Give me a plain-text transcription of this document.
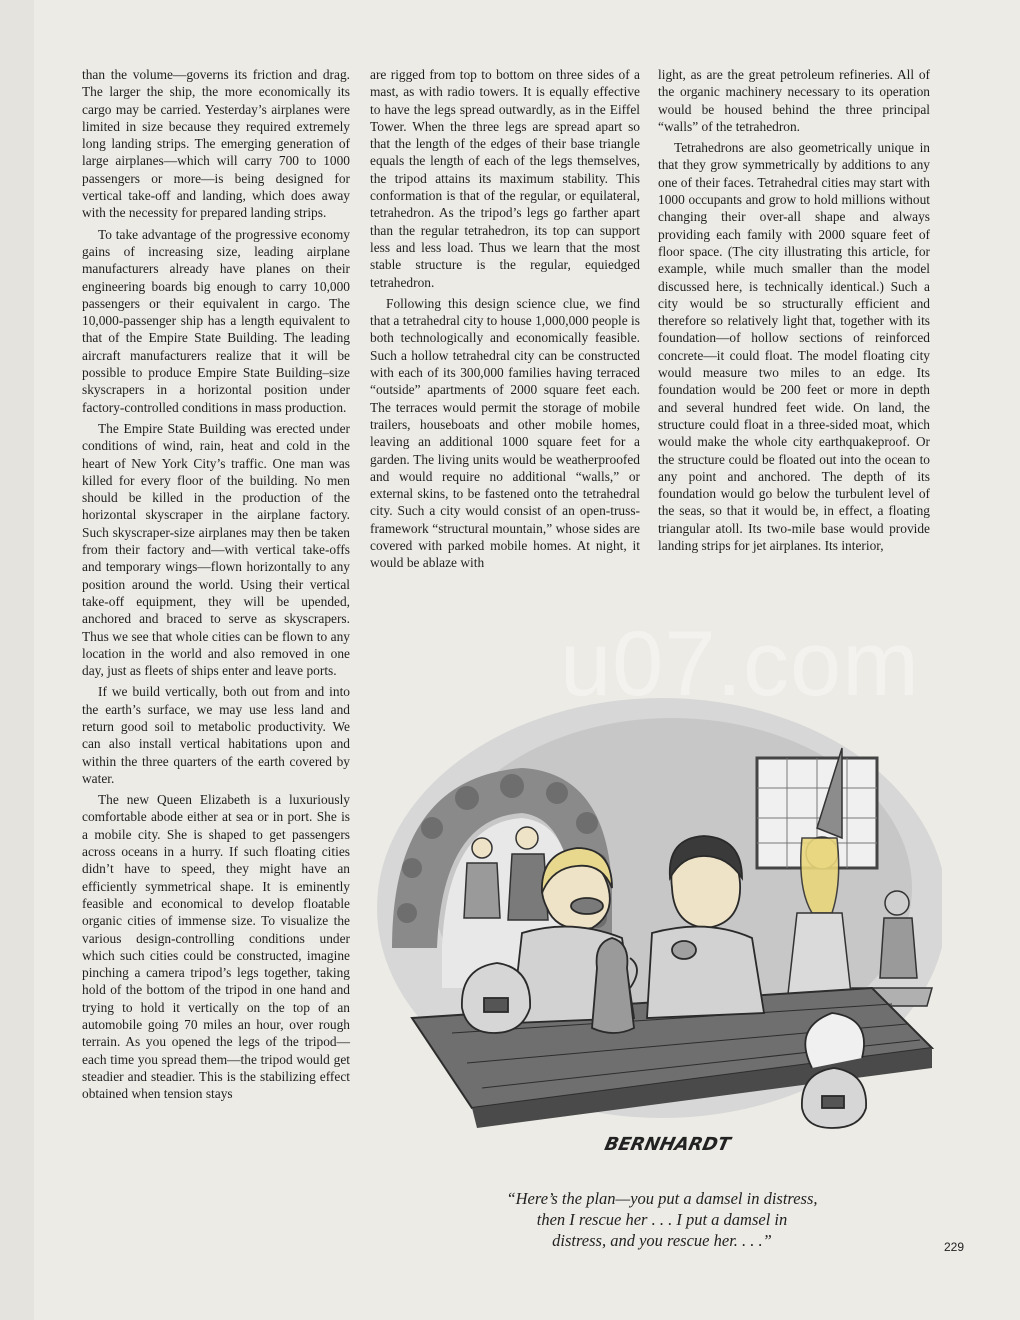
than the volume—governs its friction and drag. The larger the ship, the more economically its cargo may be carried. Yesterday’s airplanes were limited in size because they required extremely long landing strips. The emerging generation of large airplanes—which will carry 700 to 1000 passengers or more—is being designed for vertical take-off and landing, which does away with the necessity for prepared landing strips.

To take advantage of the progressive economy gains of increasing size, leading airplane manufacturers already have planes on their engineering boards big enough to carry 10,000 passengers or their equivalent in cargo. The 10,000-passenger ship has a length equivalent to that of the Empire State Building. The leading aircraft manufacturers realize that it will be possible to produce Empire State Building–size skyscrapers in a horizontal position under factory-controlled conditions in mass production.

The Empire State Building was erected under conditions of wind, rain, heat and cold in the heart of New York City’s traffic. One man was killed for every floor of the building. No men should be killed in the production of the horizontal skyscraper in the airplane factory. Such skyscraper-size airplanes may then be taken from their factory and—with vertical take-offs and temporary wings—flown horizontally to any position around the world. Using their vertical take-off equipment, they will be upended, anchored and braced to serve as skyscrapers. Thus we see that whole cities can be flown to any location in the world and also removed in one day, just as fleets of ships enter and leave ports.

If we build vertically, both out from and into the earth’s surface, we may use less land and return good soil to metabolic productivity. We can also install vertical habitations upon and within the three quarters of the earth covered by water.

The new Queen Elizabeth is a luxuriously comfortable abode either at sea or in port. She is a mobile city. She is shaped to get passengers across oceans in a hurry. If such floating cities didn’t have to speed, they might have an efficiently symmetrical shape. It is eminently feasible and economical to develop floatable organic cities of immense size. To visualize the various design-controlling conditions under which such cities could be constructed, imagine pinching a camera tripod’s legs together, taking hold of the bottom of the tripod in one hand and trying to hold it vertically on the top of an automobile going 70 miles an hour, over rough terrain. As you opened the legs of the tripod—each time you spread them—the tripod would get steadier and steadier. This is the stabilizing effect obtained when tension stays

are rigged from top to bottom on three sides of a mast, as with radio towers. It is equally effective to have the legs spread outwardly, as in the Eiffel Tower. When the three legs are spread apart so that the length of the edges of their base triangle equals the length of each of the legs themselves, the tripod attains its maximum stability. This conformation is that of the regular, or equilateral, tetrahedron. As the tripod’s legs go farther apart than the regular tetrahedron, its top can support less and less load. Thus we learn that the most stable structure is the regular, equiedged tetrahedron.

Following this design science clue, we find that a tetrahedral city to house 1,000,000 people is both technologically and economically feasible. Such a hollow tetrahedral city can be constructed with each of its 300,000 families having terraced “outside” apartments of 2000 square feet each. The terraces would permit the storage of mobile trailers, houseboats and other mobile homes, leaving an additional 1000 square feet for a garden. The living units would be weatherproofed and would require no additional “walls,” or external skins, to be fastened onto the tetrahedral city. Such a city would consist of an open-truss-framework “structural mountain,” whose sides are covered with parked mobile homes. At night, it would be ablaze with

light, as are the great petroleum refineries. All of the organic machinery necessary to its operation would be housed behind the three principal “walls” of the tetrahedron.

Tetrahedrons are also geometrically unique in that they grow symmetrically by additions to any one of their faces. Tetrahedral cities may start with 1000 occupants and grow to hold millions without changing their over-all shape and always providing each family with 2000 square feet of floor space. (The city illustrating this article, for example, while much smaller than the model discussed here, is technically identical.) Such a city would be so structurally efficient and therefore so relatively light that, together with its foundation—of hollow sections of reinforced concrete—it could float. The model floating city would measure two miles to an edge. Its foundation would be 200 feet or more in depth and several hundred feet wide. On land, the structure could float in a three-sided moat, which would make the whole city earthquakeproof. Or the structure could be floated out into the ocean to any point and anchored. The depth of its foundation would go below the turbulent level of the seas, so that it would be, in effect, a floating triangular atoll. Its two-mile base would provide landing strips for jet airplanes. Its interior,

BERNHARDT
“Here’s the plan—you put a damsel in distress,
then I rescue her . . . I put a damsel in
distress, and you rescue her. . . .”	229
u07.com
